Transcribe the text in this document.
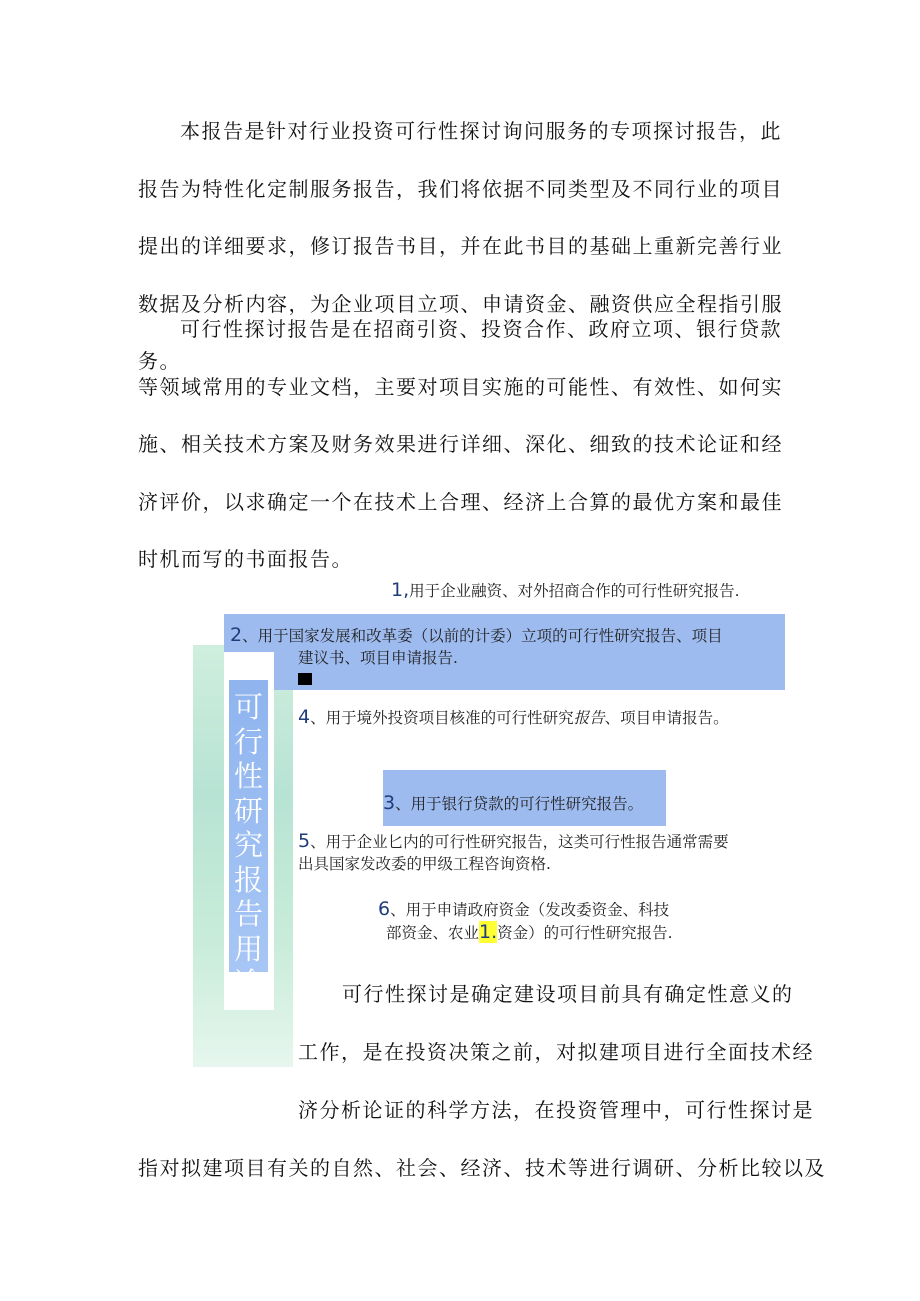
本报告是针对行业投资可行性探讨询问服务的专项探讨报告，此报告为特性化定制服务报告，我们将依据不同类型及不同行业的项目提出的详细要求，修订报告书目，并在此书目的基础上重新完善行业数据及分析内容，为企业项目立项、申请资金、融资供应全程指引服务。

可行性探讨报告是在招商引资、投资合作、政府立项、银行贷款等领域常用的专业文档，主要对项目实施的可能性、有效性、如何实施、相关技术方案及财务效果进行详细、深化、细致的技术论证和经济评价，以求确定一个在技术上合理、经济上合算的最优方案和最佳时机而写的书面报告。

可
行
性
研
究
报
告
用
途

1,用于企业融资、对外招商合作的可行性研究报告.

2、用于国家发展和改革委（以前的计委）立项的可行性研究报告、项目
建议书、项目申请报告.

4、用于境外投资项目核准的可行性研究报告、项目申请报告。

3、用于银行贷款的可行性研究报告。

5、用于企业匕内的可行性研究报告，这类可行性报告通常需要
出具国家发改委的甲级工程咨询资格.

6、用于申请政府资金（发改委资金、科技
部资金、农业1.资金）的可行性研究报告.

可行性探讨是确定建设项目前具有确定性意义的

工作，是在投资决策之前，对拟建项目进行全面技术经

济分析论证的科学方法，在投资管理中，可行性探讨是

指对拟建项目有关的自然、社会、经济、技术等进行调研、分析比较以及
